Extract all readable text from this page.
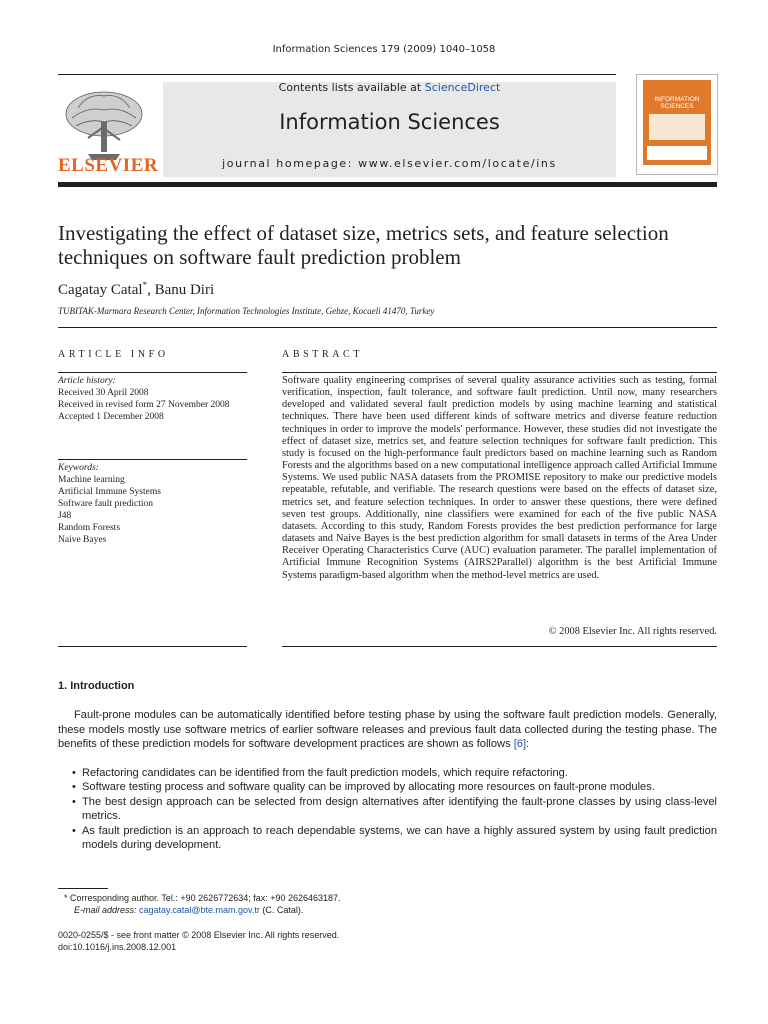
Information Sciences 179 (2009) 1040–1058
Contents lists available at ScienceDirect
Information Sciences
journal homepage: www.elsevier.com/locate/ins
ELSEVIER
INFORMATION SCIENCES
Investigating the effect of dataset size, metrics sets, and feature selection techniques on software fault prediction problem
Cagatay Catal*, Banu Diri
TUBITAK-Marmara Research Center, Information Technologies Institute, Gebze, Kocaeli 41470, Turkey
ARTICLE INFO
Article history:
Received 30 April 2008
Received in revised form 27 November 2008
Accepted 1 December 2008
Keywords:
Machine learning
Artificial Immune Systems
Software fault prediction
J48
Random Forests
Naive Bayes
ABSTRACT
Software quality engineering comprises of several quality assurance activities such as testing, formal verification, inspection, fault tolerance, and software fault prediction. Until now, many researchers developed and validated several fault prediction models by using machine learning and statistical techniques. There have been used different kinds of software metrics and diverse feature reduction techniques in order to improve the models' performance. However, these studies did not investigate the effect of dataset size, metrics set, and feature selection techniques for software fault prediction. This study is focused on the high-performance fault predictors based on machine learning such as Random Forests and the algorithms based on a new computational intelligence approach called Artificial Immune Systems. We used public NASA datasets from the PROMISE repository to make our predictive models repeatable, refutable, and verifiable. The research questions were based on the effects of dataset size, metrics set, and feature selection techniques. In order to answer these questions, there were defined seven test groups. Additionally, nine classifiers were examined for each of the five public NASA datasets. According to this study, Random Forests provides the best prediction performance for large datasets and Naive Bayes is the best prediction algorithm for small datasets in terms of the Area Under Receiver Operating Characteristics Curve (AUC) evaluation parameter. The parallel implementation of Artificial Immune Recognition Systems (AIRS2Parallel) algorithm is the best Artificial Immune Systems paradigm-based algorithm when the method-level metrics are used.
© 2008 Elsevier Inc. All rights reserved.
1. Introduction
Fault-prone modules can be automatically identified before testing phase by using the software fault prediction models. Generally, these models mostly use software metrics of earlier software releases and previous fault data collected during the testing phase. The benefits of these prediction models for software development practices are shown as follows [6]:
• Refactoring candidates can be identified from the fault prediction models, which require refactoring.
• Software testing process and software quality can be improved by allocating more resources on fault-prone modules.
• The best design approach can be selected from design alternatives after identifying the fault-prone classes by using class-level metrics.
• As fault prediction is an approach to reach dependable systems, we can have a highly assured system by using fault prediction models during development.
* Corresponding author. Tel.: +90 2626772634; fax: +90 2626463187.
E-mail address: cagatay.catal@bte.mam.gov.tr (C. Catal).
0020-0255/$ - see front matter © 2008 Elsevier Inc. All rights reserved.
doi:10.1016/j.ins.2008.12.001
